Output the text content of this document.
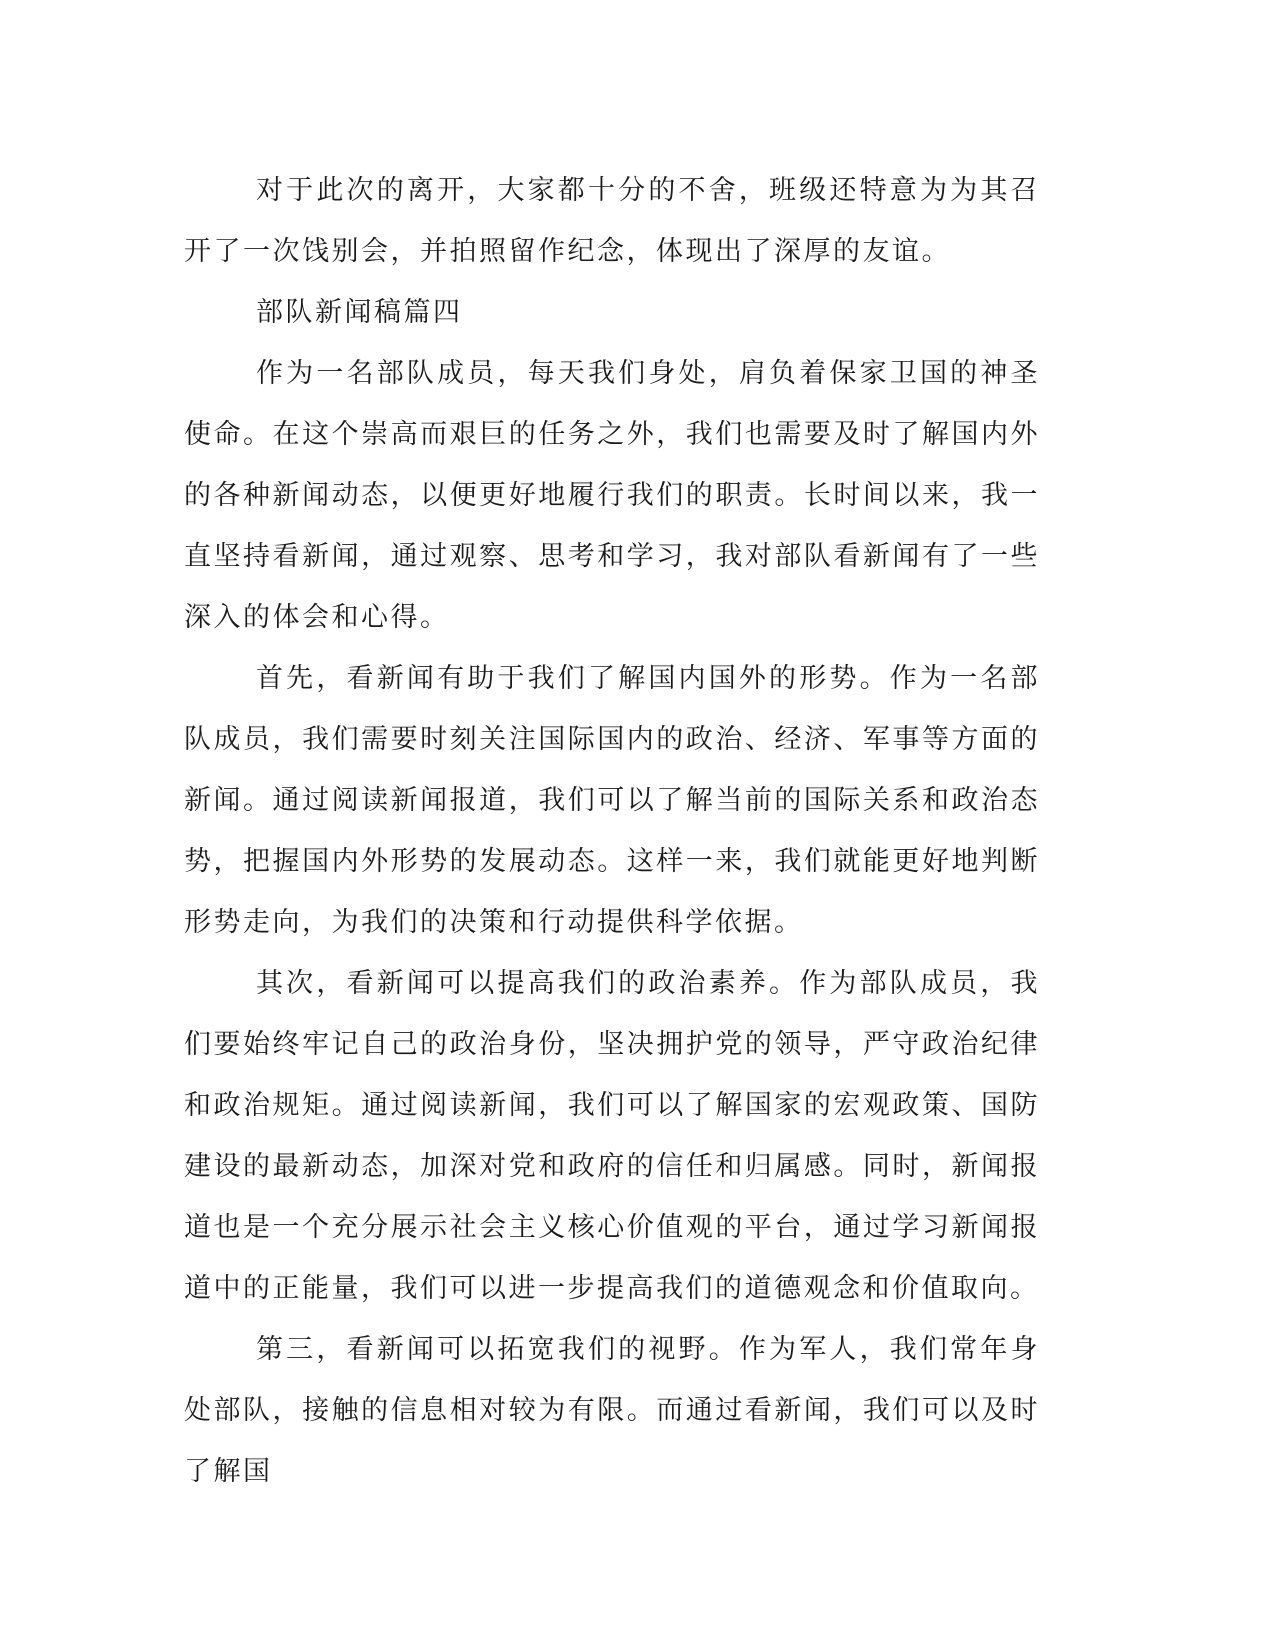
对于此次的离开，大家都十分的不舍，班级还特意为为其召开了一次饯别会，并拍照留作纪念，体现出了深厚的友谊。

部队新闻稿篇四

作为一名部队成员，每天我们身处，肩负着保家卫国的神圣使命。在这个崇高而艰巨的任务之外，我们也需要及时了解国内外的各种新闻动态，以便更好地履行我们的职责。长时间以来，我一直坚持看新闻，通过观察、思考和学习，我对部队看新闻有了一些深入的体会和心得。

首先，看新闻有助于我们了解国内国外的形势。作为一名部队成员，我们需要时刻关注国际国内的政治、经济、军事等方面的新闻。通过阅读新闻报道，我们可以了解当前的国际关系和政治态势，把握国内外形势的发展动态。这样一来，我们就能更好地判断形势走向，为我们的决策和行动提供科学依据。

其次，看新闻可以提高我们的政治素养。作为部队成员，我们要始终牢记自己的政治身份，坚决拥护党的领导，严守政治纪律和政治规矩。通过阅读新闻，我们可以了解国家的宏观政策、国防建设的最新动态，加深对党和政府的信任和归属感。同时，新闻报道也是一个充分展示社会主义核心价值观的平台，通过学习新闻报道中的正能量，我们可以进一步提高我们的道德观念和价值取向。

第三，看新闻可以拓宽我们的视野。作为军人，我们常年身处部队，接触的信息相对较为有限。而通过看新闻，我们可以及时了解国
